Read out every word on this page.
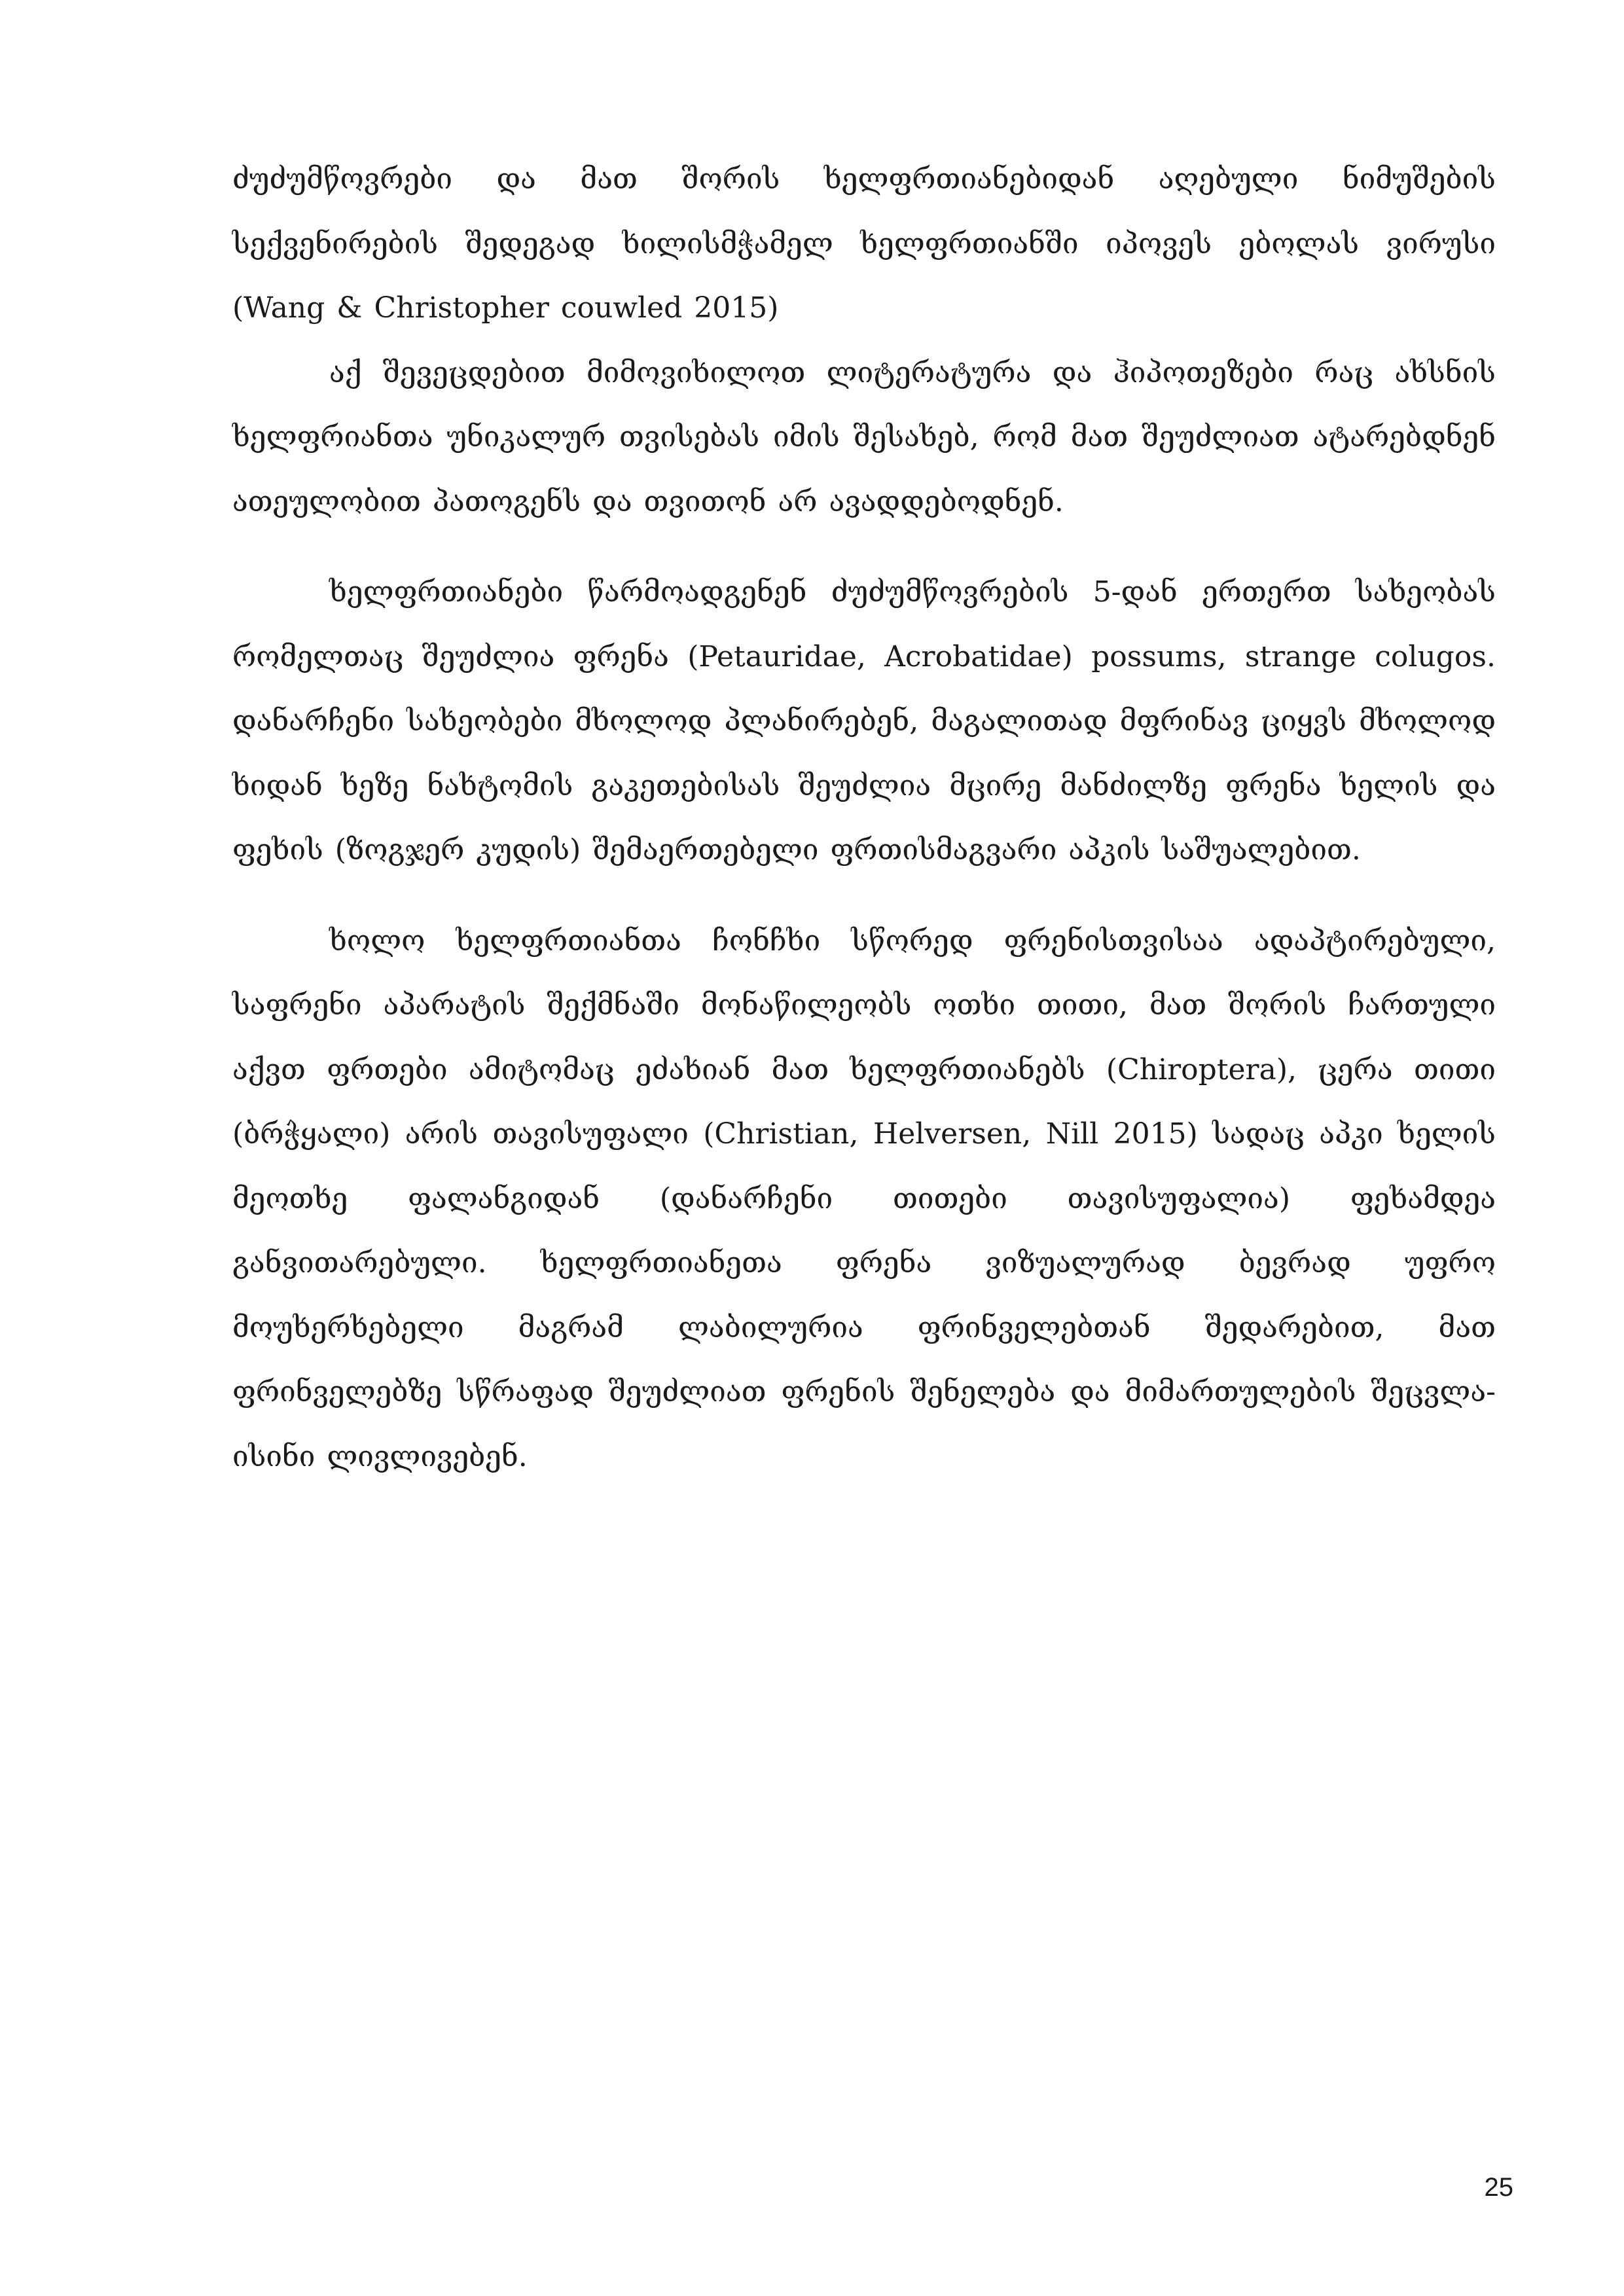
ძუძუმწოვრები და მათ შორის ხელფრთიანებიდან აღებული ნიმუშების სექვენირების შედეგად ხილისმჭამელ ხელფრთიანში იპოვეს ებოლას ვირუსი (Wang & Christopher couwled 2015)

აქ შევეცდებით მიმოვიხილოთ ლიტერატურა და ჰიპოთეზები რაც ახსნის ხელფრიანთა უნიკალურ თვისებას იმის შესახებ, რომ მათ შეუძლიათ ატარებდნენ ათეულობით პათოგენს და თვითონ არ ავადდებოდნენ.

ხელფრთიანები წარმოადგენენ ძუძუმწოვრების 5-დან ერთერთ სახეობას რომელთაც შეუძლია ფრენა (Petauridae, Acrobatidae) possums, strange colugos. დანარჩენი სახეობები მხოლოდ პლანირებენ, მაგალითად მფრინავ ციყვს მხოლოდ ხიდან ხეზე ნახტომის გაკეთებისას შეუძლია მცირე მანძილზე ფრენა ხელის და ფეხის (ზოგჯერ კუდის) შემაერთებელი ფრთისმაგვარი აპკის საშუალებით.

ხოლო ხელფრთიანთა ჩონჩხი სწორედ ფრენისთვისაა ადაპტირებული, საფრენი აპარატის შექმნაში მონაწილეობს ოთხი თითი, მათ შორის ჩართული აქვთ ფრთები ამიტომაც ეძახიან მათ ხელფრთიანებს (Chiroptera), ცერა თითი (ბრჭყალი) არის თავისუფალი (Christian, Helversen, Nill 2015) სადაც აპკი ხელის მეოთხე ფალანგიდან (დანარჩენი თითები თავისუფალია) ფეხამდეა განვითარებული. ხელფრთიანეთა ფრენა ვიზუალურად ბევრად უფრო მოუხერხებელი მაგრამ ლაბილურია ფრინველებთან შედარებით, მათ ფრინველებზე სწრაფად შეუძლიათ ფრენის შენელება და მიმართულების შეცვლა- ისინი ლივლივებენ.

25
